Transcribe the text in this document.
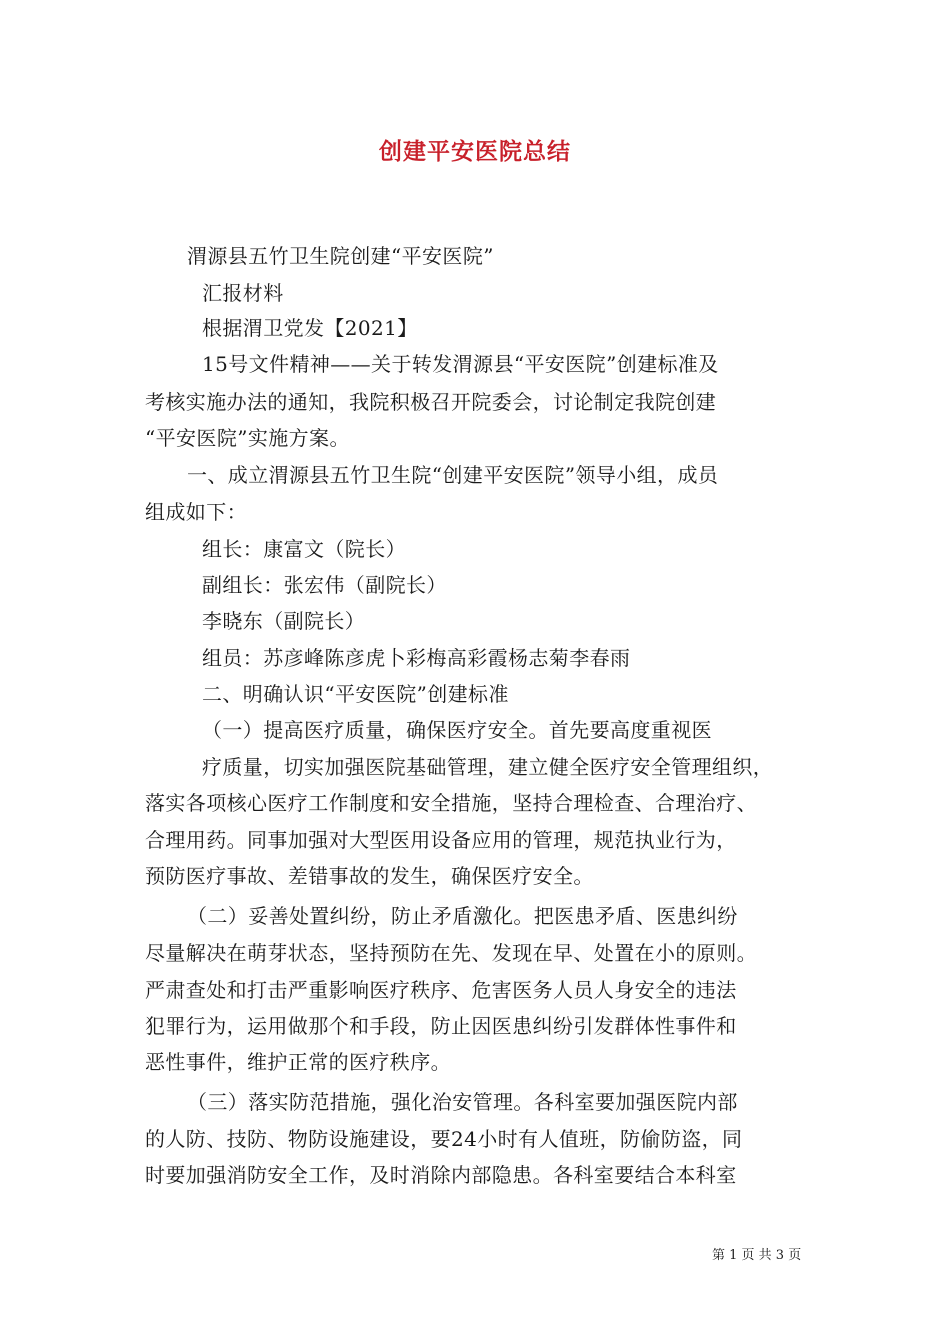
创建平安医院总结
渭源县五竹卫生院创建“平安医院”
汇报材料
根据渭卫党发【2021】
15号文件精神——关于转发渭源县“平安医院”创建标准及
考核实施办法的通知，我院积极召开院委会，讨论制定我院创建
“平安医院”实施方案。
一、成立渭源县五竹卫生院“创建平安医院”领导小组，成员
组成如下：
组长：康富文（院长）
副组长：张宏伟（副院长）
李晓东（副院长）
组员：苏彦峰陈彦虎卜彩梅高彩霞杨志菊李春雨
二、明确认识“平安医院”创建标准
（一）提高医疗质量，确保医疗安全。首先要高度重视医
疗质量，切实加强医院基础管理，建立健全医疗安全管理组织，
落实各项核心医疗工作制度和安全措施，坚持合理检查、合理治疗、
合理用药。同事加强对大型医用设备应用的管理，规范执业行为，
预防医疗事故、差错事故的发生，确保医疗安全。
（二）妥善处置纠纷，防止矛盾激化。把医患矛盾、医患纠纷
尽量解决在萌芽状态，坚持预防在先、发现在早、处置在小的原则。
严肃查处和打击严重影响医疗秩序、危害医务人员人身安全的违法
犯罪行为，运用做那个和手段，防止因医患纠纷引发群体性事件和
恶性事件，维护正常的医疗秩序。
（三）落实防范措施，强化治安管理。各科室要加强医院内部
的人防、技防、物防设施建设，要24小时有人值班，防偷防盗，同
时要加强消防安全工作，及时消除内部隐患。各科室要结合本科室
第 1 页 共 3 页
